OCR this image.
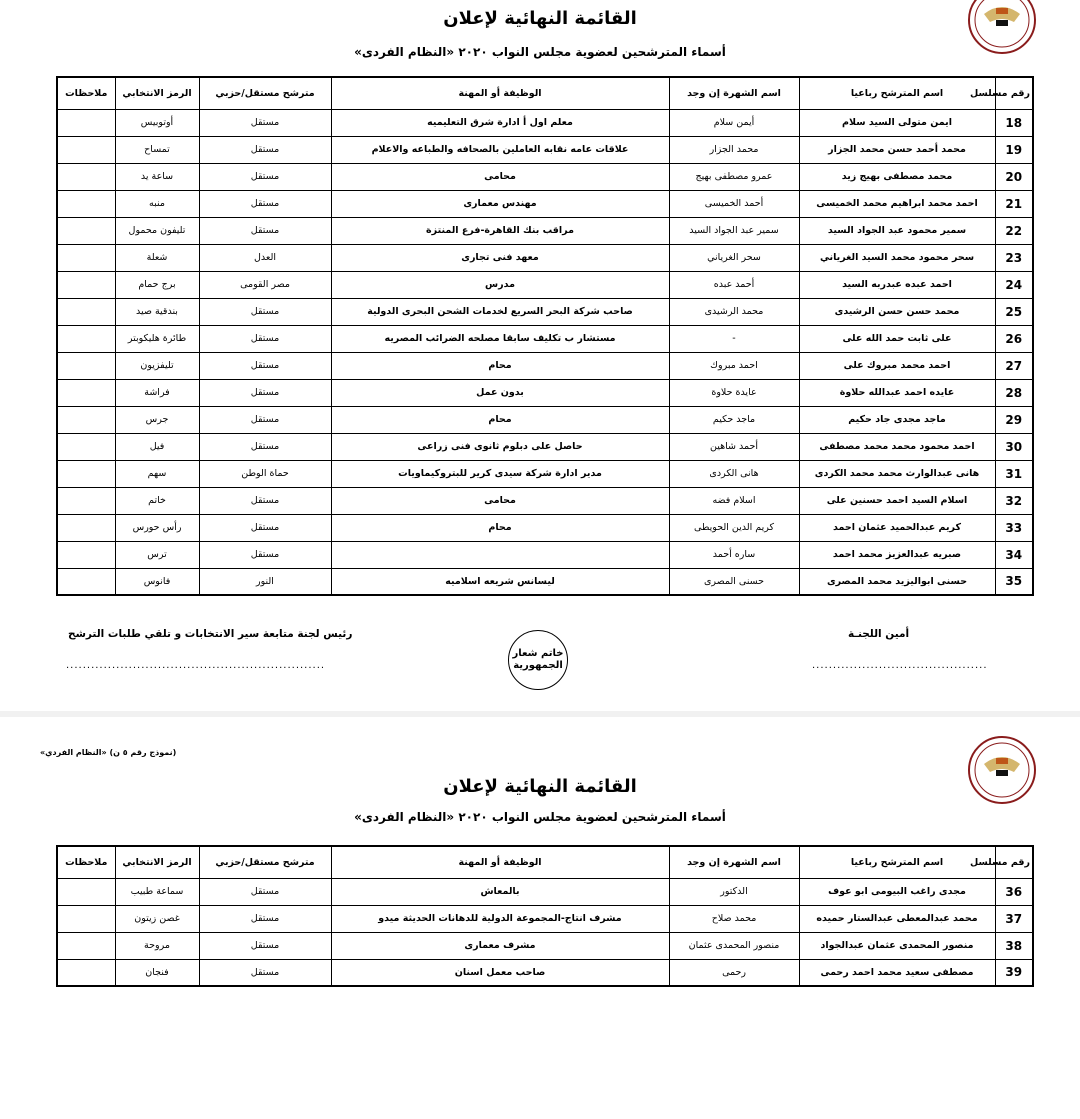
القائمة النهائية لإعلان
أسماء المترشحين لعضوية مجلس النواب ٢٠٢٠ «النظام الفردى»
رقم مسلسل	اسم المترشح رباعيا	اسم الشهرة إن وجد	الوظيفة أو المهنة	مترشح مستقل/حزبي	الرمز الانتخابي	ملاحظات
18	ايمن متولى السيد سلام	أيمن سلام	معلم اول أ ادارة شرق التعليميه	مستقل	أوتوبيس	
19	محمد أحمد حسن محمد الجزار	محمد الجزار	علاقات عامه نقابه العاملين بالصحافه والطباعه والاعلام	مستقل	تمساح	
20	محمد مصطفى بهيج زيد	عمرو مصطفى بهيج	محامى	مستقل	ساعة يد	
21	احمد محمد ابراهيم محمد الخميسى	أحمد الخميسى	مهندس معمارى	مستقل	منبه	
22	سمير محمود عبد الجواد السيد	سمير عبد الجواد السيد	مراقب بنك القاهرة-فرع المنتزة	مستقل	تليفون محمول	
23	سحر محمود محمد السيد الغرياني	سحر الغرياني	معهد فنى تجارى	العدل	شعلة	
24	احمد عبده عبدربه السيد	أحمد عبده	مدرس	مصر القومى	برج حمام	
25	محمد حسن حسن الرشيدى	محمد الرشيدى	صاحب شركة البحر السريع لخدمات الشحن البحرى الدولية	مستقل	بندقية صيد	
26	على ثابت حمد الله على	-	مستشار ب تكليف سابقا مصلحه الضرائب المصريه	مستقل	طائرة هليكوبتر	
27	احمد محمد مبروك على	احمد مبروك	محام	مستقل	تليفزيون	
28	عايده احمد عبدالله حلاوة	عايدة حلاوة	بدون عمل	مستقل	فراشة	
29	ماجد مجدى جاد حكيم	ماجد حكيم	محام	مستقل	جرس	
30	احمد محمود محمد محمد مصطفى	أحمد شاهين	حاصل على دبلوم ثانوى فنى زراعى	مستقل	فيل	
31	هانى عبدالوارث محمد محمد الكردى	هانى الكردى	مدير ادارة شركة سيدى كرير للبتروكيماويات	حماة الوطن	سهم	
32	اسلام السيد احمد حسنين على	اسلام فضه	محامى	مستقل	خاتم	
33	كريم عبدالحميد عثمان احمد	كريم الدين الحويطى	محام	مستقل	رأس حورس	
34	صبريه عبدالعزيز محمد احمد	ساره أحمد		مستقل	ترس	
35	حسنى ابواليزيد محمد المصرى	حسنى المصرى	ليسانس شريعه اسلاميه	النور	فانوس	
أمين اللجنـة
..........................................
خاتم شعار الجمهورية
رئيس لجنة متابعة سير الانتخابات و تلقي طلبات الترشح
..............................................................
(نموذج رقم ٥ ن) «النظام الفردي»
القائمة النهائية لإعلان
أسماء المترشحين لعضوية مجلس النواب ٢٠٢٠ «النظام الفردى»
رقم مسلسل	اسم المترشح رباعيا	اسم الشهرة إن وجد	الوظيفة أو المهنة	مترشح مستقل/حزبي	الرمز الانتخابي	ملاحظات
36	مجدى راغب البيومى ابو عوف	الدكتور	بالمعاش	مستقل	سماعة طبيب	
37	محمد عبدالمعطى عبدالستار حميده	محمد صلاح	مشرف انتاج-المجموعة الدولية للدهانات الحديثة ميدو	مستقل	غصن زيتون	
38	منصور المحمدى عثمان عبدالجواد	منصور المحمدى عثمان	مشرف معمارى	مستقل	مروحة	
39	مصطفى سعيد محمد احمد رحمى	رحمى	صاحب معمل اسنان	مستقل	فنجان	
